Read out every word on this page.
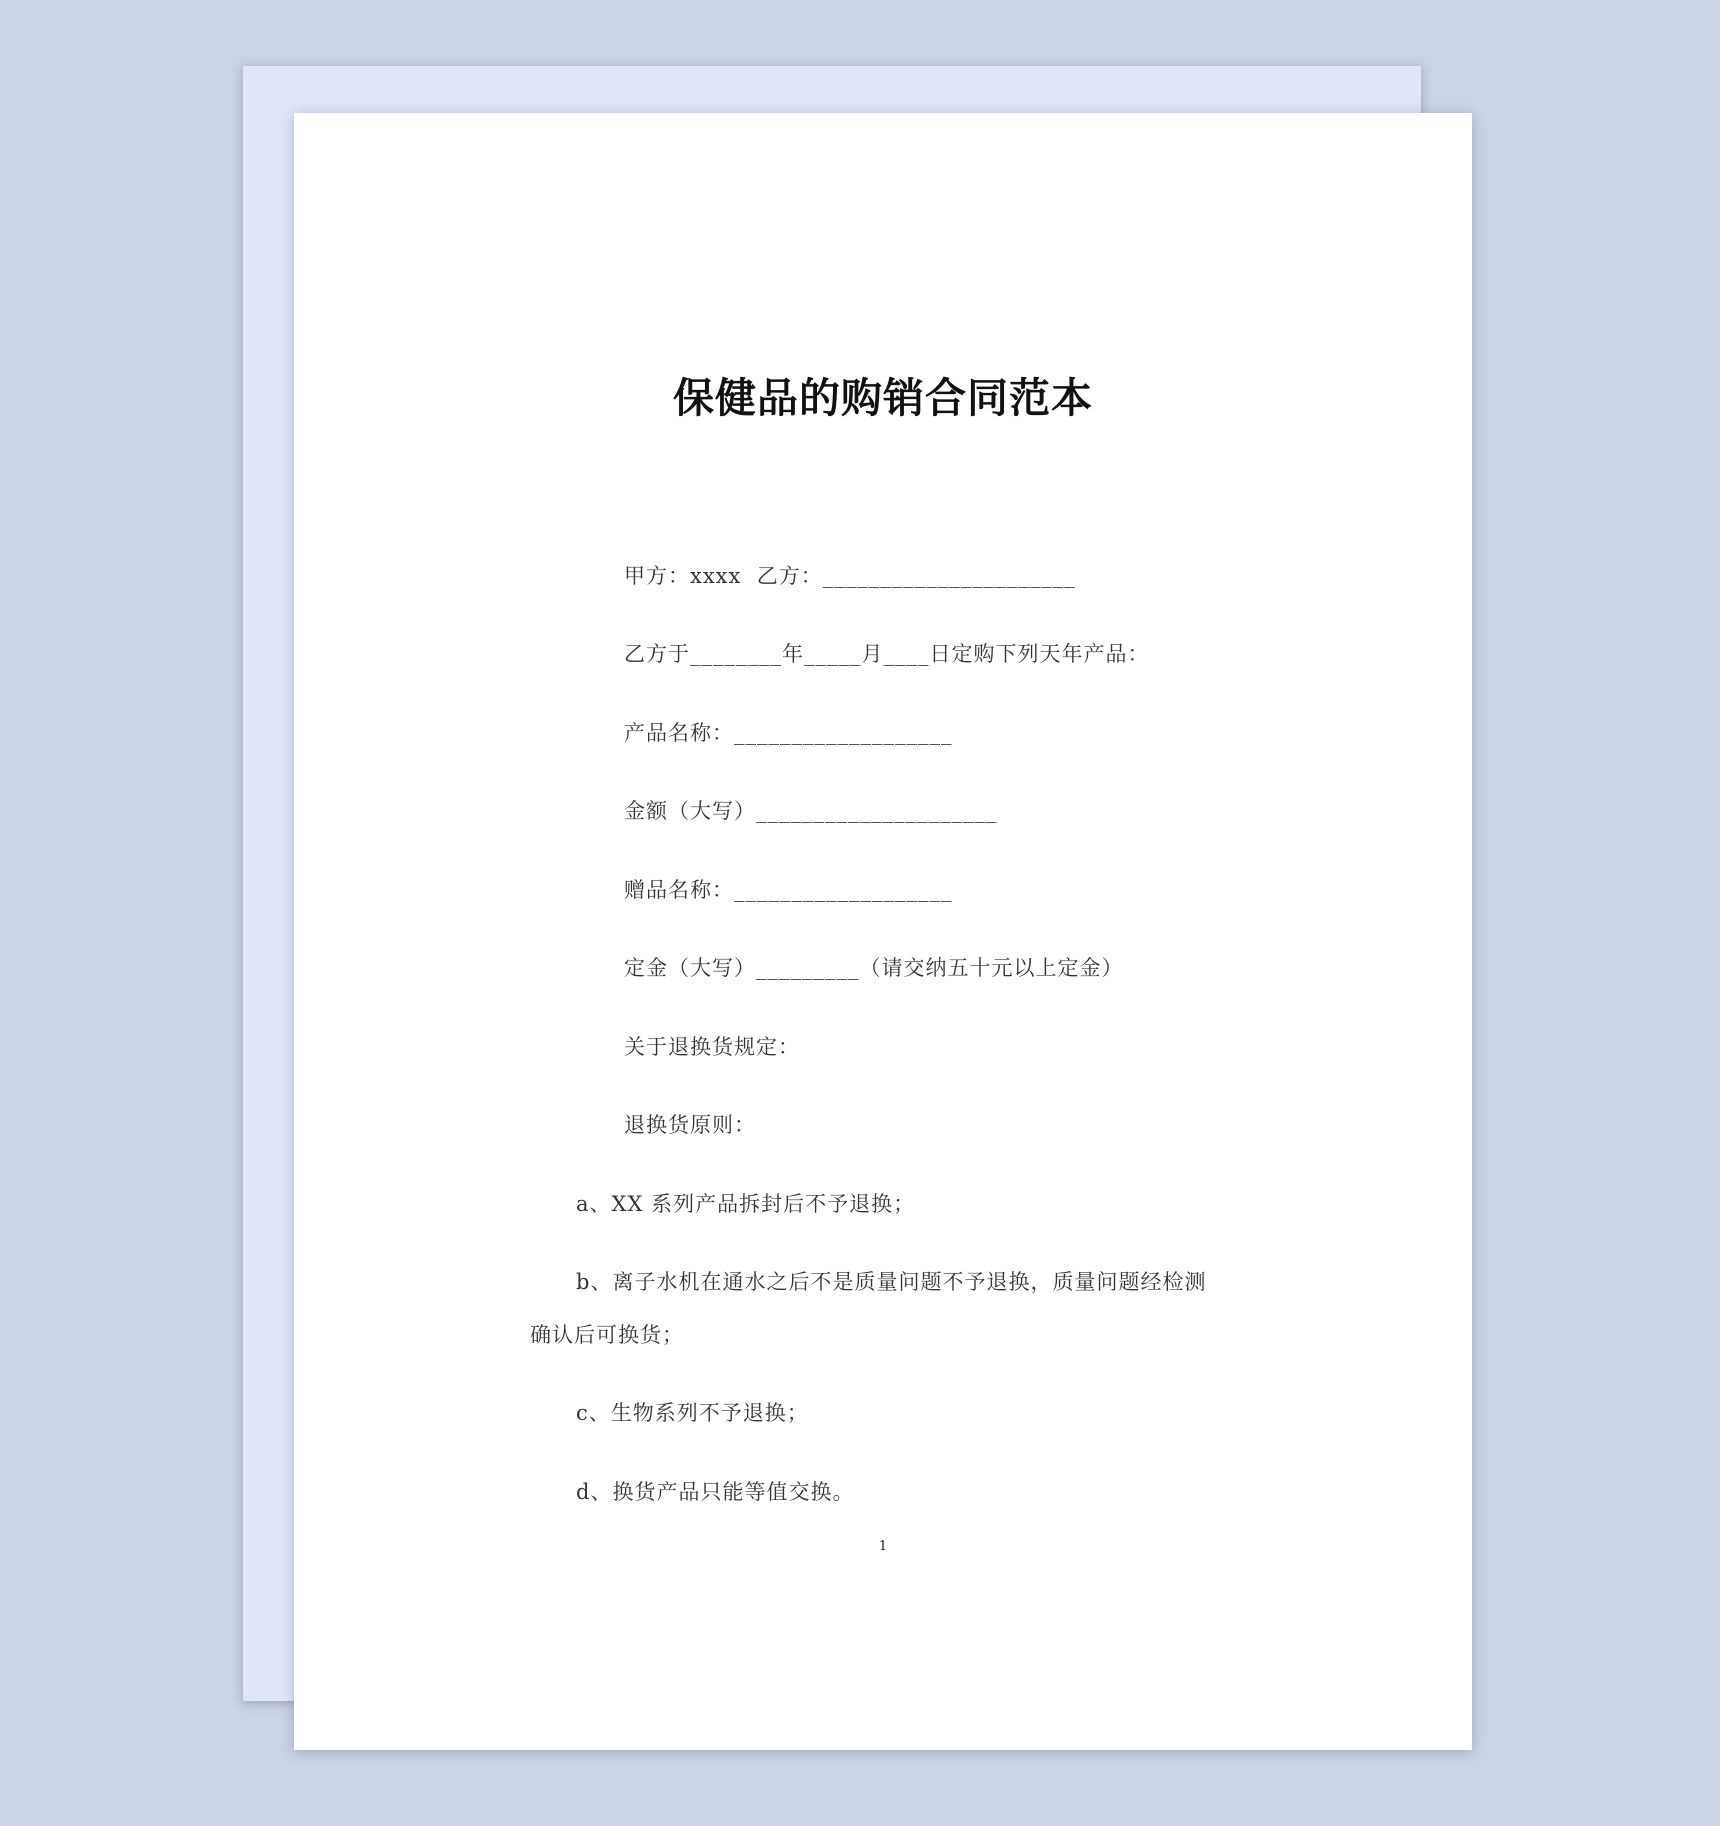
保健品的购销合同范本
甲方：xxxx  乙方：______________________
乙方于________年_____月____日定购下列天年产品：
产品名称：___________________
金额（大写）_____________________
赠品名称：___________________
定金（大写）_________（请交纳五十元以上定金）
关于退换货规定：
退换货原则：
a、XX 系列产品拆封后不予退换；
b、离子水机在通水之后不是质量问题不予退换，质量问题经检测
确认后可换货；
c、生物系列不予退换；
d、换货产品只能等值交换。
1
